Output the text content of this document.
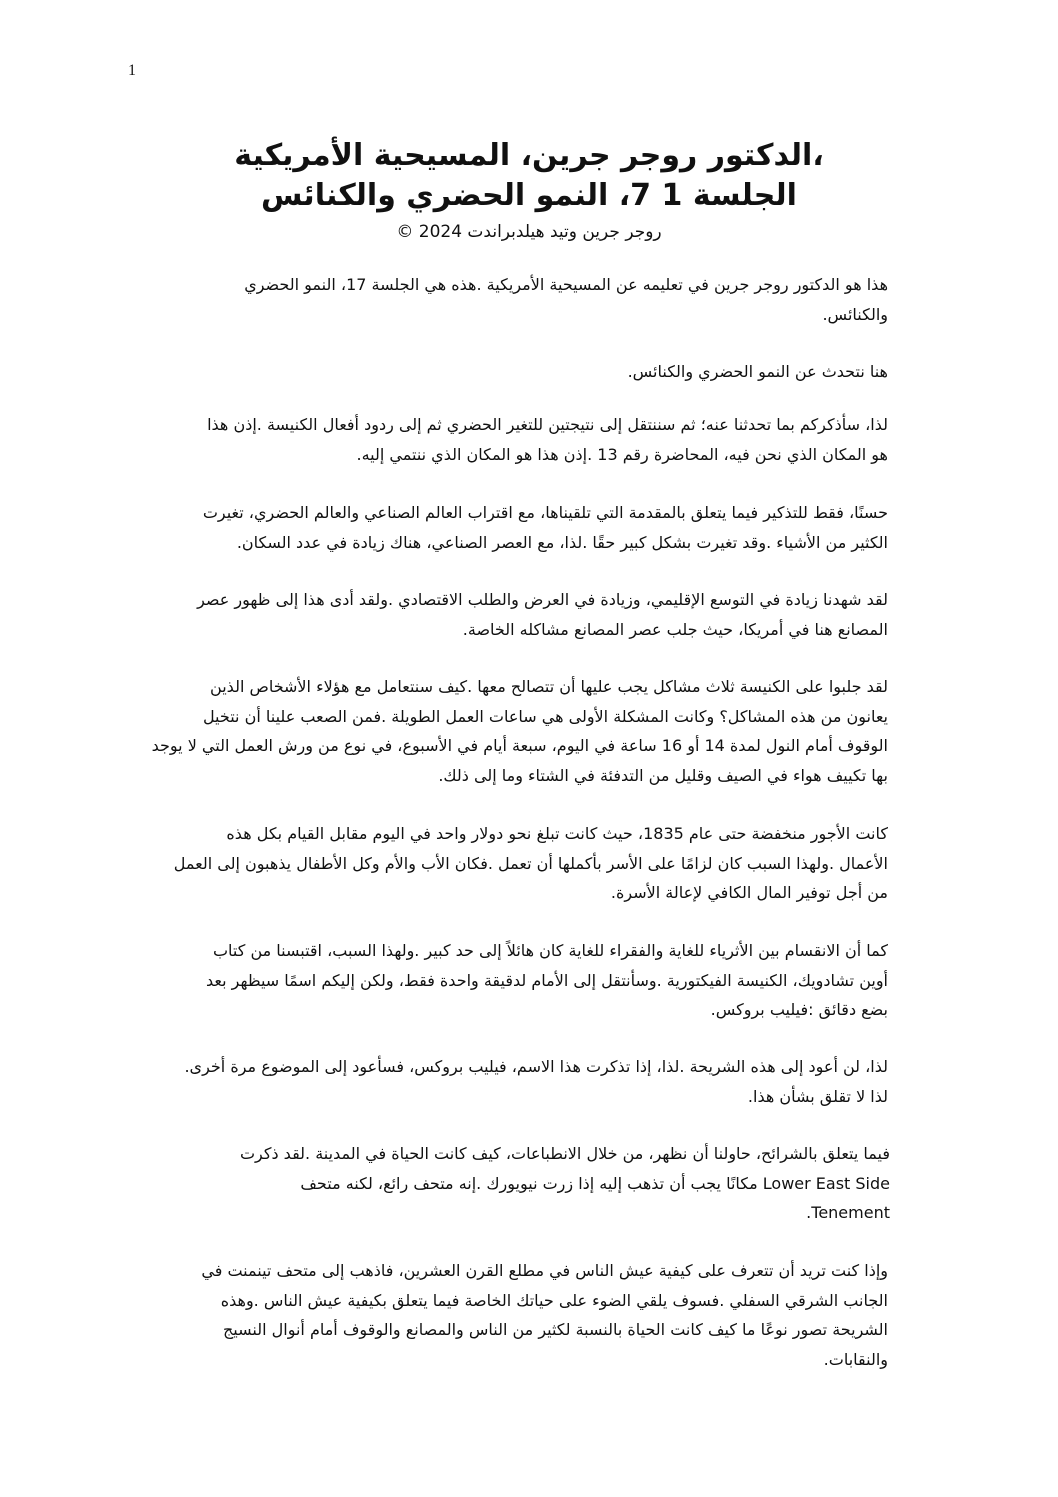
1
،الدكتور روجر جرين، المسيحية الأمريكية
الجلسة 1 7، النمو الحضري والكنائس
روجر جرين وتيد هيلدبراندت 2024 ©
هذا هو الدكتور روجر جرين في تعليمه عن المسيحية الأمريكية .هذه هي الجلسة 17، النمو الحضري
والكنائس.
هنا نتحدث عن النمو الحضري والكنائس.
لذا، سأذكركم بما تحدثنا عنه؛ ثم سننتقل إلى نتيجتين للتغير الحضري ثم إلى ردود أفعال الكنيسة .إذن هذا
هو المكان الذي نحن فيه، المحاضرة رقم 13 .إذن هذا هو المكان الذي ننتمي إليه.
حسنًا، فقط للتذكير فيما يتعلق بالمقدمة التي تلقيناها، مع اقتراب العالم الصناعي والعالم الحضري، تغيرت
الكثير من الأشياء .وقد تغيرت بشكل كبير حقًا .لذا، مع العصر الصناعي، هناك زيادة في عدد السكان.
لقد شهدنا زيادة في التوسع الإقليمي، وزيادة في العرض والطلب الاقتصادي .ولقد أدى هذا إلى ظهور عصر
المصانع هنا في أمريكا، حيث جلب عصر المصانع مشاكله الخاصة.
لقد جلبوا على الكنيسة ثلاث مشاكل يجب عليها أن تتصالح معها .كيف سنتعامل مع هؤلاء الأشخاص الذين
يعانون من هذه المشاكل؟ وكانت المشكلة الأولى هي ساعات العمل الطويلة .فمن الصعب علينا أن نتخيل
الوقوف أمام النول لمدة 14 أو 16 ساعة في اليوم، سبعة أيام في الأسبوع، في نوع من ورش العمل التي لا يوجد
بها تكييف هواء في الصيف وقليل من التدفئة في الشتاء وما إلى ذلك.
كانت الأجور منخفضة حتى عام 1835، حيث كانت تبلغ نحو دولار واحد في اليوم مقابل القيام بكل هذه
الأعمال .ولهذا السبب كان لزامًا على الأسر بأكملها أن تعمل .فكان الأب والأم وكل الأطفال يذهبون إلى العمل
من أجل توفير المال الكافي لإعالة الأسرة.
كما أن الانقسام بين الأثرياء للغاية والفقراء للغاية كان هائلاً إلى حد كبير .ولهذا السبب، اقتبسنا من كتاب
أوين تشادويك، الكنيسة الفيكتورية .وسأنتقل إلى الأمام لدقيقة واحدة فقط، ولكن إليكم اسمًا سيظهر بعد
بضع دقائق :فيليب بروكس.
لذا، لن أعود إلى هذه الشريحة .لذا، إذا تذكرت هذا الاسم، فيليب بروكس، فسأعود إلى الموضوع مرة أخرى.
لذا لا تقلق بشأن هذا.
فيما يتعلق بالشرائح، حاولنا أن نظهر، من خلال الانطباعات، كيف كانت الحياة في المدينة .لقد ذكرت
Lower East Side مكانًا يجب أن تذهب إليه إذا زرت نيويورك .إنه متحف رائع، لكنه متحف
Tenement.
وإذا كنت تريد أن تتعرف على كيفية عيش الناس في مطلع القرن العشرين، فاذهب إلى متحف تينمنت في
الجانب الشرقي السفلي .فسوف يلقي الضوء على حياتك الخاصة فيما يتعلق بكيفية عيش الناس .وهذه
الشريحة تصور نوعًا ما كيف كانت الحياة بالنسبة لكثير من الناس والمصانع والوقوف أمام أنوال النسيج
والنقابات.
